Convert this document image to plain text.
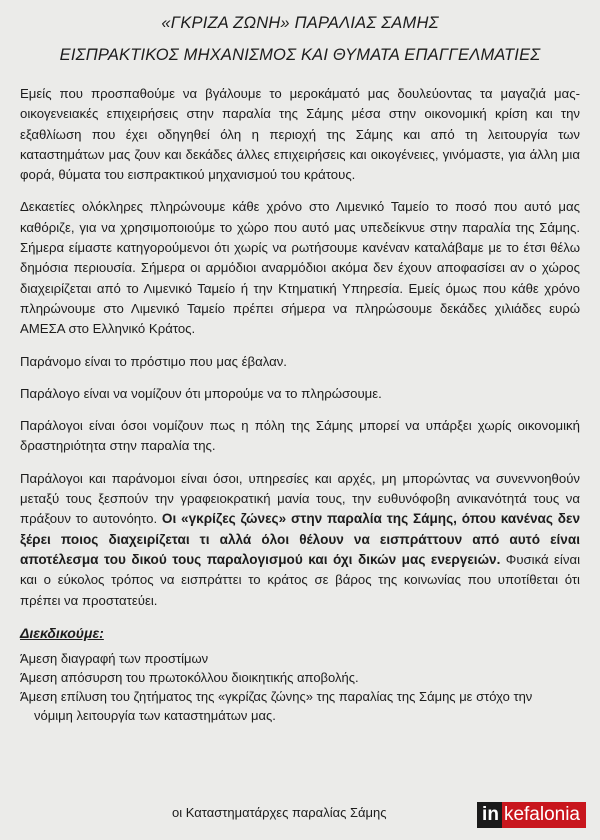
«ΓΚΡΙΖΑ ΖΩΝΗ» ΠΑΡΑΛΙΑΣ ΣΑΜΗΣ
ΕΙΣΠΡΑΚΤΙΚΟΣ ΜΗΧΑΝΙΣΜΟΣ ΚΑΙ ΘΥΜΑΤΑ ΕΠΑΓΓΕΛΜΑΤΙΕΣ

Εμείς που προσπαθούμε να βγάλουμε το μεροκάματό μας δουλεύοντας τα μαγαζιά μας-οικογενειακές επιχειρήσεις στην παραλία της Σάμης μέσα στην οικονομική κρίση και την εξαθλίωση που έχει οδηγηθεί όλη η περιοχή της Σάμης και από τη λειτουργία των καταστημάτων μας ζουν και δεκάδες άλλες επιχειρήσεις και οικογένειες, γινόμαστε, για άλλη μια φορά, θύματα του εισπρακτικού μηχανισμού του κράτους.

Δεκαετίες ολόκληρες πληρώνουμε κάθε χρόνο στο Λιμενικό Ταμείο το ποσό που αυτό μας καθόριζε, για να χρησιμοποιούμε το χώρο που αυτό μας υπεδείκνυε στην παραλία της Σάμης. Σήμερα είμαστε κατηγορούμενοι ότι χωρίς να ρωτήσουμε κανέναν καταλάβαμε με το έτσι θέλω δημόσια περιουσία. Σήμερα οι αρμόδιοι αναρμόδιοι ακόμα δεν έχουν αποφασίσει αν ο χώρος διαχειρίζεται από το Λιμενικό Ταμείο ή την Κτηματική Υπηρεσία. Εμείς όμως που κάθε χρόνο πληρώνουμε στο Λιμενικό Ταμείο πρέπει σήμερα να πληρώσουμε δεκάδες χιλιάδες ευρώ ΑΜΕΣΑ στο Ελληνικό Κράτος.

Παράνομο είναι το πρόστιμο που μας έβαλαν.

Παράλογο είναι να νομίζουν ότι μπορούμε να το πληρώσουμε.

Παράλογοι είναι όσοι νομίζουν πως η πόλη της Σάμης μπορεί να υπάρξει χωρίς οικονομική δραστηριότητα στην παραλία της.

Παράλογοι και παράνομοι είναι όσοι, υπηρεσίες και αρχές, μη μπορώντας να συνεννοηθούν μεταξύ τους ξεσπούν την γραφειοκρατική μανία τους, την ευθυνόφοβη ανικανότητά τους να πράξουν το αυτονόητο. Οι «γκρίζες ζώνες» στην παραλία της Σάμης, όπου κανένας δεν ξέρει ποιος διαχειρίζεται τι αλλά όλοι θέλουν να εισπράττουν από αυτό είναι αποτέλεσμα του δικού τους παραλογισμού και όχι δικών μας ενεργειών. Φυσικά είναι και ο εύκολος τρόπος να εισπράττει το κράτος σε βάρος της κοινωνίας που υποτίθεται ότι πρέπει να προστατεύει.

Διεκδικούμε:
Άμεση διαγραφή των προστίμων
Άμεση απόσυρση του πρωτοκόλλου διοικητικής αποβολής.
Άμεση επίλυση του ζητήματος της «γκρίζας ζώνης» της παραλίας της Σάμης με στόχο την
νόμιμη λειτουργία των καταστημάτων μας.
οι Καταστηματάρχες παραλίας Σάμης	in kefalonia
